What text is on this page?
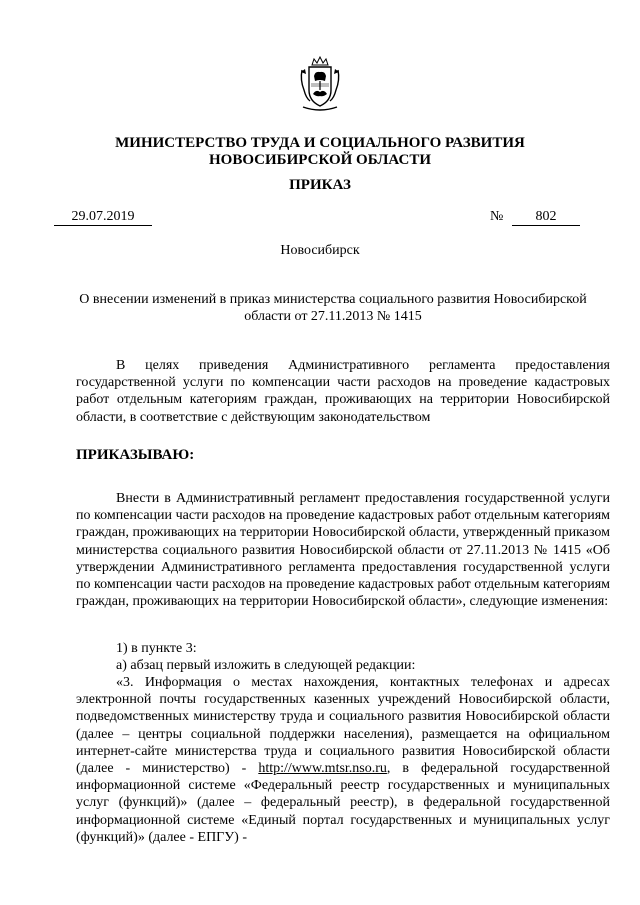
МИНИСТЕРСТВО ТРУДА И СОЦИАЛЬНОГО РАЗВИТИЯ
НОВОСИБИРСКОЙ ОБЛАСТИ
ПРИКАЗ
29.07.2019	№	802
Новосибирск
О внесении изменений в приказ министерства социального развития Новосибирской области от 27.11.2013 № 1415
В целях приведения Административного регламента предоставления государственной услуги по компенсации части расходов на проведение кадастровых работ отдельным категориям граждан, проживающих на территории Новосибирской области, в соответствие с действующим законодательством
ПРИКАЗЫВАЮ:
Внести в Административный регламент предоставления государственной услуги по компенсации части расходов на проведение кадастровых работ отдельным категориям граждан, проживающих на территории Новосибирской области, утвержденный приказом министерства социального развития Новосибирской области от 27.11.2013 № 1415 «Об утверждении Административного регламента предоставления государственной услуги по компенсации части расходов на проведение кадастровых работ отдельным категориям граждан, проживающих на территории Новосибирской области», следующие изменения:
1) в пункте 3:
а) абзац первый изложить в следующей редакции:
«3. Информация о местах нахождения, контактных телефонах и адресах электронной почты государственных казенных учреждений Новосибирской области, подведомственных министерству труда и социального развития Новосибирской области (далее – центры социальной поддержки населения), размещается на официальном интернет-сайте министерства труда и социального развития Новосибирской области (далее - министерство) - http://www.mtsr.nso.ru, в федеральной государственной информационной системе «Федеральный реестр государственных и муниципальных услуг (функций)» (далее – федеральный реестр), в федеральной государственной информационной системе «Единый портал государственных и муниципальных услуг (функций)» (далее - ЕПГУ) -
